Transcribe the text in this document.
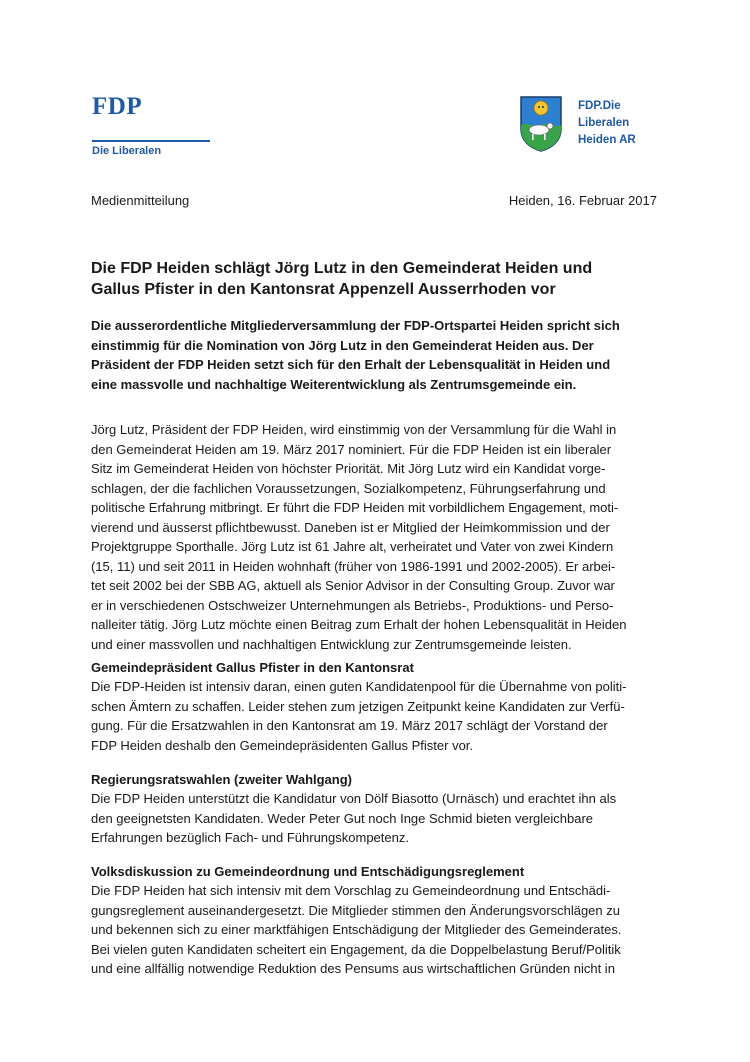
FDP
Die Liberalen
FDP.Die
Liberalen
Heiden AR
Medienmitteilung	Heiden, 16. Februar 2017
Die FDP Heiden schlägt Jörg Lutz in den Gemeinderat Heiden und
Gallus Pfister in den Kantonsrat Appenzell Ausserrhoden vor

Die ausserordentliche Mitgliederversammlung der FDP-Ortspartei Heiden spricht sich
einstimmig für die Nomination von Jörg Lutz in den Gemeinderat Heiden aus. Der
Präsident der FDP Heiden setzt sich für den Erhalt der Lebensqualität in Heiden und
eine massvolle und nachhaltige Weiterentwicklung als Zentrumsgemeinde ein.

Jörg Lutz, Präsident der FDP Heiden, wird einstimmig von der Versammlung für die Wahl in
den Gemeinderat Heiden am 19. März 2017 nominiert. Für die FDP Heiden ist ein liberaler
Sitz im Gemeinderat Heiden von höchster Priorität. Mit Jörg Lutz wird ein Kandidat vorge-
schlagen, der die fachlichen Voraussetzungen, Sozialkompetenz, Führungserfahrung und
politische Erfahrung mitbringt. Er führt die FDP Heiden mit vorbildlichem Engagement, moti-
vierend und äusserst pflichtbewusst. Daneben ist er Mitglied der Heimkommission und der
Projektgruppe Sporthalle. Jörg Lutz ist 61 Jahre alt, verheiratet und Vater von zwei Kindern
(15, 11) und seit 2011 in Heiden wohnhaft (früher von 1986-1991 und 2002-2005). Er arbei-
tet seit 2002 bei der SBB AG, aktuell als Senior Advisor in der Consulting Group. Zuvor war
er in verschiedenen Ostschweizer Unternehmungen als Betriebs-, Produktions- und Perso-
nalleiter tätig. Jörg Lutz möchte einen Beitrag zum Erhalt der hohen Lebensqualität in Heiden
und einer massvollen und nachhaltigen Entwicklung zur Zentrumsgemeinde leisten.

Gemeindepräsident Gallus Pfister in den Kantonsrat

Die FDP-Heiden ist intensiv daran, einen guten Kandidatenpool für die Übernahme von politi-
schen Ämtern zu schaffen. Leider stehen zum jetzigen Zeitpunkt keine Kandidaten zur Verfü-
gung. Für die Ersatzwahlen in den Kantonsrat am 19. März 2017 schlägt der Vorstand der
FDP Heiden deshalb den Gemeindepräsidenten Gallus Pfister vor.

Regierungsratswahlen (zweiter Wahlgang)

Die FDP Heiden unterstützt die Kandidatur von Dölf Biasotto (Urnäsch) und erachtet ihn als
den geeignetsten Kandidaten. Weder Peter Gut noch Inge Schmid bieten vergleichbare
Erfahrungen bezüglich Fach- und Führungskompetenz.

Volksdiskussion zu Gemeindeordnung und Entschädigungsreglement

Die FDP Heiden hat sich intensiv mit dem Vorschlag zu Gemeindeordnung und Entschädi-
gungsreglement auseinandergesetzt. Die Mitglieder stimmen den Änderungsvorschlägen zu
und bekennen sich zu einer marktfähigen Entschädigung der Mitglieder des Gemeinderates.
Bei vielen guten Kandidaten scheitert ein Engagement, da die Doppelbelastung Beruf/Politik
und eine allfällig notwendige Reduktion des Pensums aus wirtschaftlichen Gründen nicht in
